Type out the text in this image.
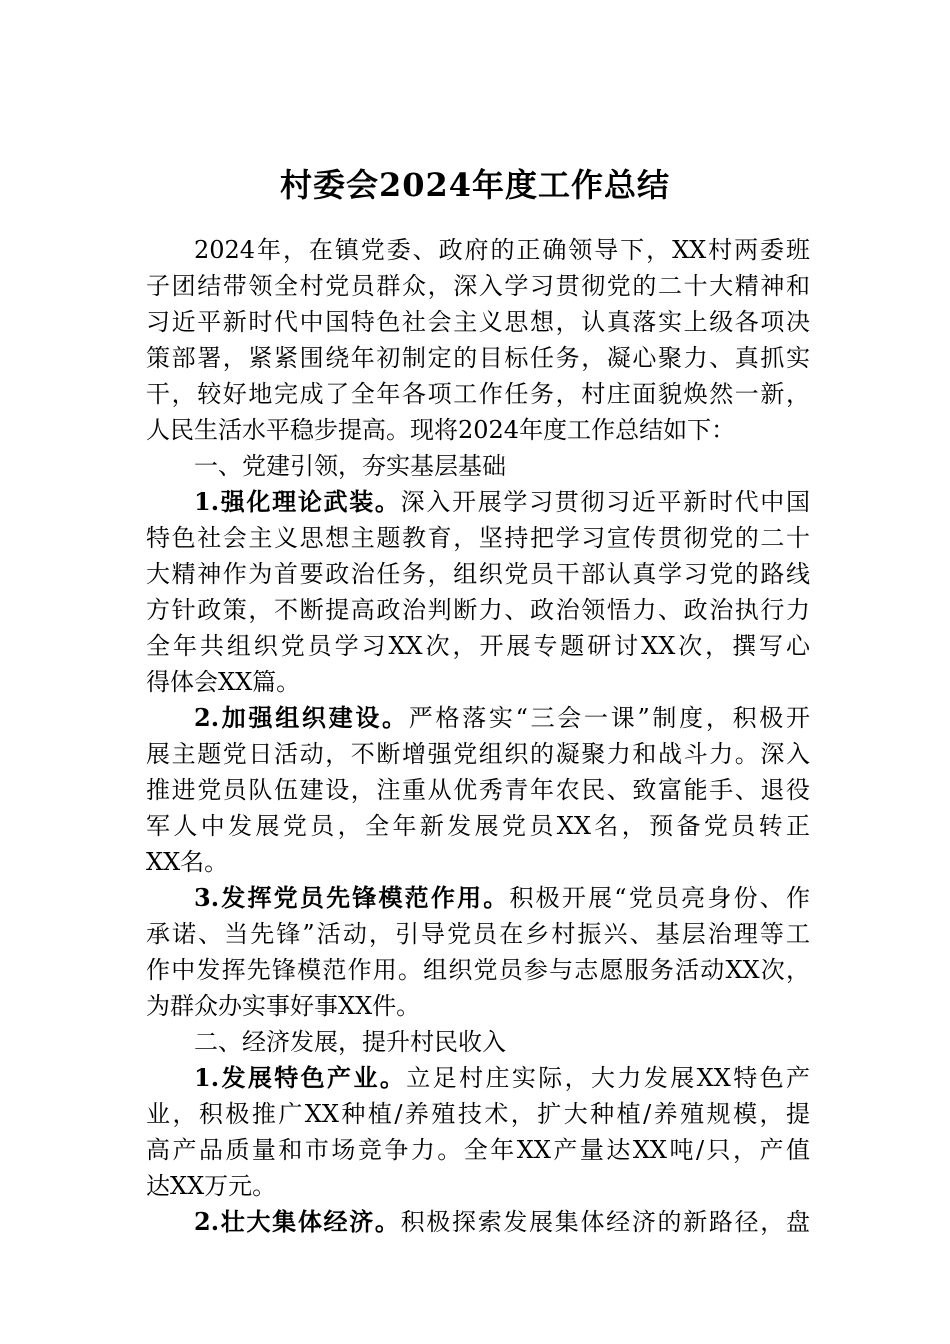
村委会2024年度工作总结
2024年，在镇党委、政府的正确领导下，XX村两委班
子团结带领全村党员群众，深入学习贯彻党的二十大精神和
习近平新时代中国特色社会主义思想，认真落实上级各项决
策部署，紧紧围绕年初制定的目标任务，凝心聚力、真抓实
干，较好地完成了全年各项工作任务，村庄面貌焕然一新，
人民生活水平稳步提高。现将2024年度工作总结如下：
一、党建引领，夯实基层基础
1.强化理论武装。深入开展学习贯彻习近平新时代中国
特色社会主义思想主题教育，坚持把学习宣传贯彻党的二十
大精神作为首要政治任务，组织党员干部认真学习党的路线
方针政策，不断提高政治判断力、政治领悟力、政治执行力
全年共组织党员学习XX次，开展专题研讨XX次，撰写心
得体会XX篇。
2.加强组织建设。严格落实“三会一课”制度，积极开
展主题党日活动，不断增强党组织的凝聚力和战斗力。深入
推进党员队伍建设，注重从优秀青年农民、致富能手、退役
军人中发展党员，全年新发展党员XX名，预备党员转正
XX名。
3.发挥党员先锋模范作用。积极开展“党员亮身份、作
承诺、当先锋”活动，引导党员在乡村振兴、基层治理等工
作中发挥先锋模范作用。组织党员参与志愿服务活动XX次，
为群众办实事好事XX件。
二、经济发展，提升村民收入
1.发展特色产业。立足村庄实际，大力发展XX特色产
业，积极推广XX种植/养殖技术，扩大种植/养殖规模，提
高产品质量和市场竞争力。全年XX产量达XX吨/只，产值
达XX万元。
2.壮大集体经济。积极探索发展集体经济的新路径，盘
